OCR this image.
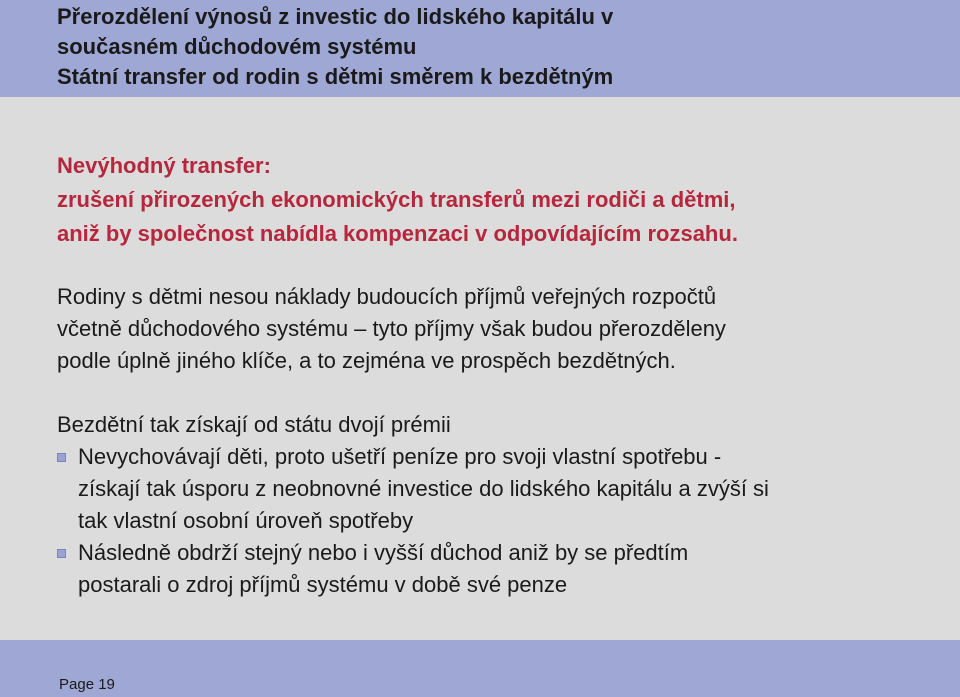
Přerozdělení výnosů z investic do lidského kapitálu v
současném důchodovém systému
Státní transfer od rodin s dětmi směrem k bezdětným
Nevýhodný transfer:
zrušení přirozených ekonomických transferů mezi rodiči a dětmi,
aniž by společnost nabídla kompenzaci v odpovídajícím rozsahu.
Rodiny s dětmi nesou náklady budoucích příjmů veřejných rozpočtů
včetně důchodového systému – tyto příjmy však budou přerozděleny
podle úplně jiného klíče, a to zejména ve prospěch bezdětných.
Bezdětní tak získají od státu dvojí prémii
Nevychovávají děti, proto ušetří peníze pro svoji vlastní spotřebu -
získají tak úsporu z neobnovné investice do lidského kapitálu a zvýší si
tak vlastní osobní úroveň spotřeby
Následně obdrží stejný nebo i vyšší důchod aniž by se předtím
postarali o zdroj příjmů systému v době své penze
Page 19
